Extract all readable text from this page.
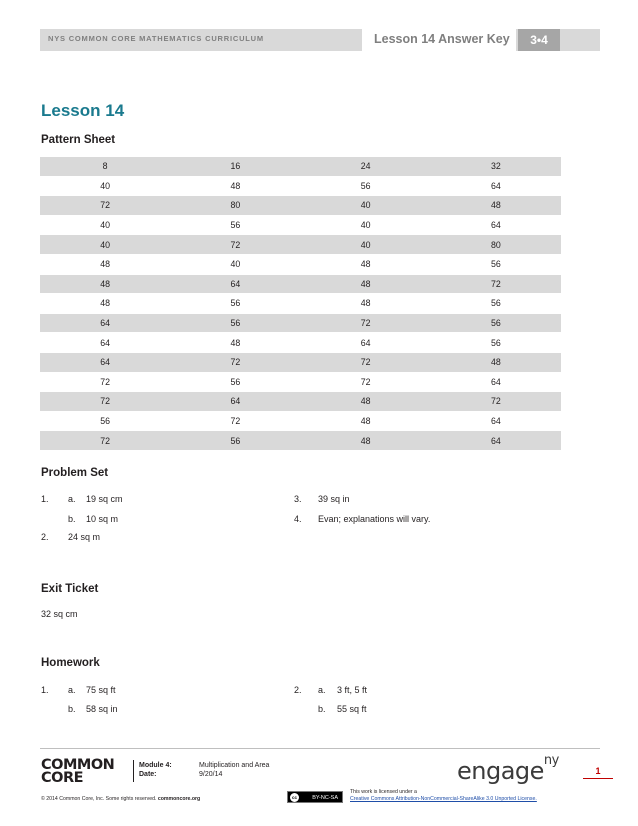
NYS COMMON CORE MATHEMATICS CURRICULUM	Lesson 14 Answer Key	3•4
Lesson 14
Pattern Sheet
8	16	24	32
40	48	56	64
72	80	40	48
40	56	40	64
40	72	40	80
48	40	48	56
48	64	48	72
48	56	48	56
64	56	72	56
64	48	64	56
64	72	72	48
72	56	72	64
72	64	48	72
56	72	48	64
72	56	48	64
Problem Set
1. a. 19 sq cm
b. 10 sq m
2. 24 sq m
3. 39 sq in
4. Evan; explanations will vary.
Exit Ticket
32 sq cm
Homework
1. a. 75 sq ft
b. 58 sq in
2. a. 3 ft, 5 ft
b. 55 sq ft
COMMON
CORE
Module 4:	Multiplication and Area
Date:	9/20/14	engage$^{ny}$
1
© 2014 Common Core, Inc. Some rights reserved. commoncore.org	cc	BY-NC-SA
This work is licensed under a
Creative Commons Attribution-NonCommercial-ShareAlike 3.0 Unported License.
